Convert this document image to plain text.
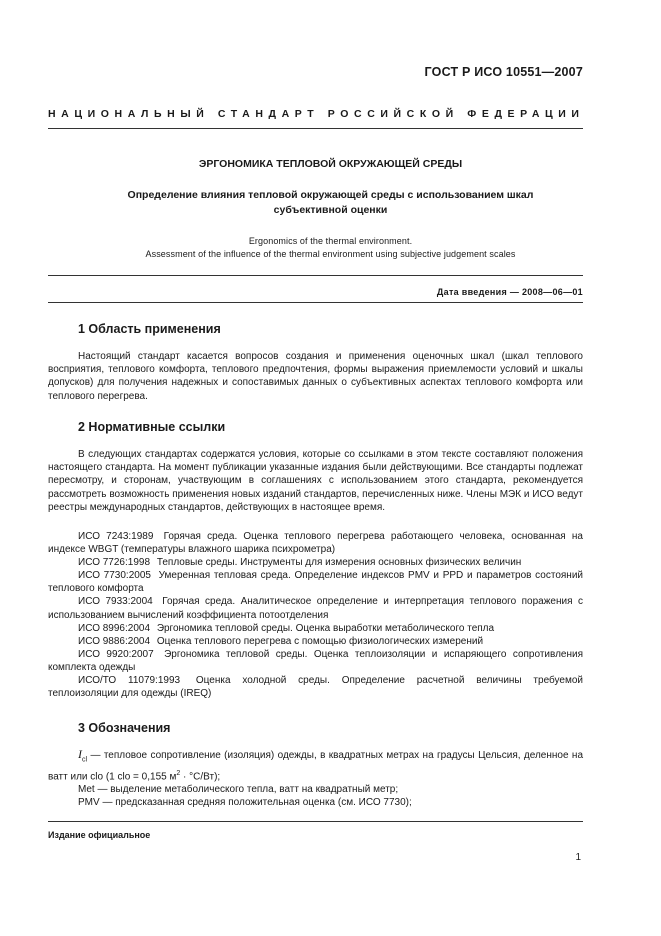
ГОСТ Р ИСО 10551—2007
НАЦИОНАЛЬНЫЙ СТАНДАРТ РОССИЙСКОЙ ФЕДЕРАЦИИ
ЭРГОНОМИКА ТЕПЛОВОЙ ОКРУЖАЮЩЕЙ СРЕДЫ
Определение влияния тепловой окружающей среды с использованием шкал
субъективной оценки
Ergonomics of the thermal environment.
Assessment of the influence of the thermal environment using subjective judgement scales
Дата введения — 2008—06—01
1 Область применения
Настоящий стандарт касается вопросов создания и применения оценочных шкал (шкал теплового восприятия, теплового комфорта, теплового предпочтения, формы выражения приемлемости условий и шкалы допусков) для получения надежных и сопоставимых данных о субъективных аспектах теплового комфорта или теплового перегрева.
2 Нормативные ссылки
В следующих стандартах содержатся условия, которые со ссылками в этом тексте составляют положения настоящего стандарта. На момент публикации указанные издания были действующими. Все стандарты подлежат пересмотру, и сторонам, участвующим в соглашениях с использованием этого стандарта, рекомендуется рассмотреть возможность применения новых изданий стандартов, перечисленных ниже. Члены МЭК и ИСО ведут реестры международных стандартов, действующих в настоящее время.

ИСО 7243:1989 Горячая среда. Оценка теплового перегрева работающего человека, основанная на индексе WBGT (температуры влажного шарика психрометра)

ИСО 7726:1998 Тепловые среды. Инструменты для измерения основных физических величин

ИСО 7730:2005 Умеренная тепловая среда. Определение индексов PMV и PPD и параметров состояний теплового комфорта

ИСО 7933:2004 Горячая среда. Аналитическое определение и интерпретация теплового поражения с использованием вычислений коэффициента потоотделения

ИСО 8996:2004 Эргономика тепловой среды. Оценка выработки метаболического тепла

ИСО 9886:2004 Оценка теплового перегрева с помощью физиологических измерений

ИСО 9920:2007 Эргономика тепловой среды. Оценка теплоизоляции и испаряющего сопротивления комплекта одежды

ИСО/ТО 11079:1993 Оценка холодной среды. Определение расчетной величины требуемой теплоизоляции для одежды (IREQ)

3 Обозначения

$I_{cl}$ — тепловое сопротивление (изоляция) одежды, в квадратных метрах на градусы Цельсия, деленное на ватт или clo (1 clo = 0,155 $м^2 \cdot ^\circ С/Вт$);

Met — выделение метаболического тепла, ватт на квадратный метр;

PMV — предсказанная средняя положительная оценка (см. ИСО 7730);

Издание официальное
1
